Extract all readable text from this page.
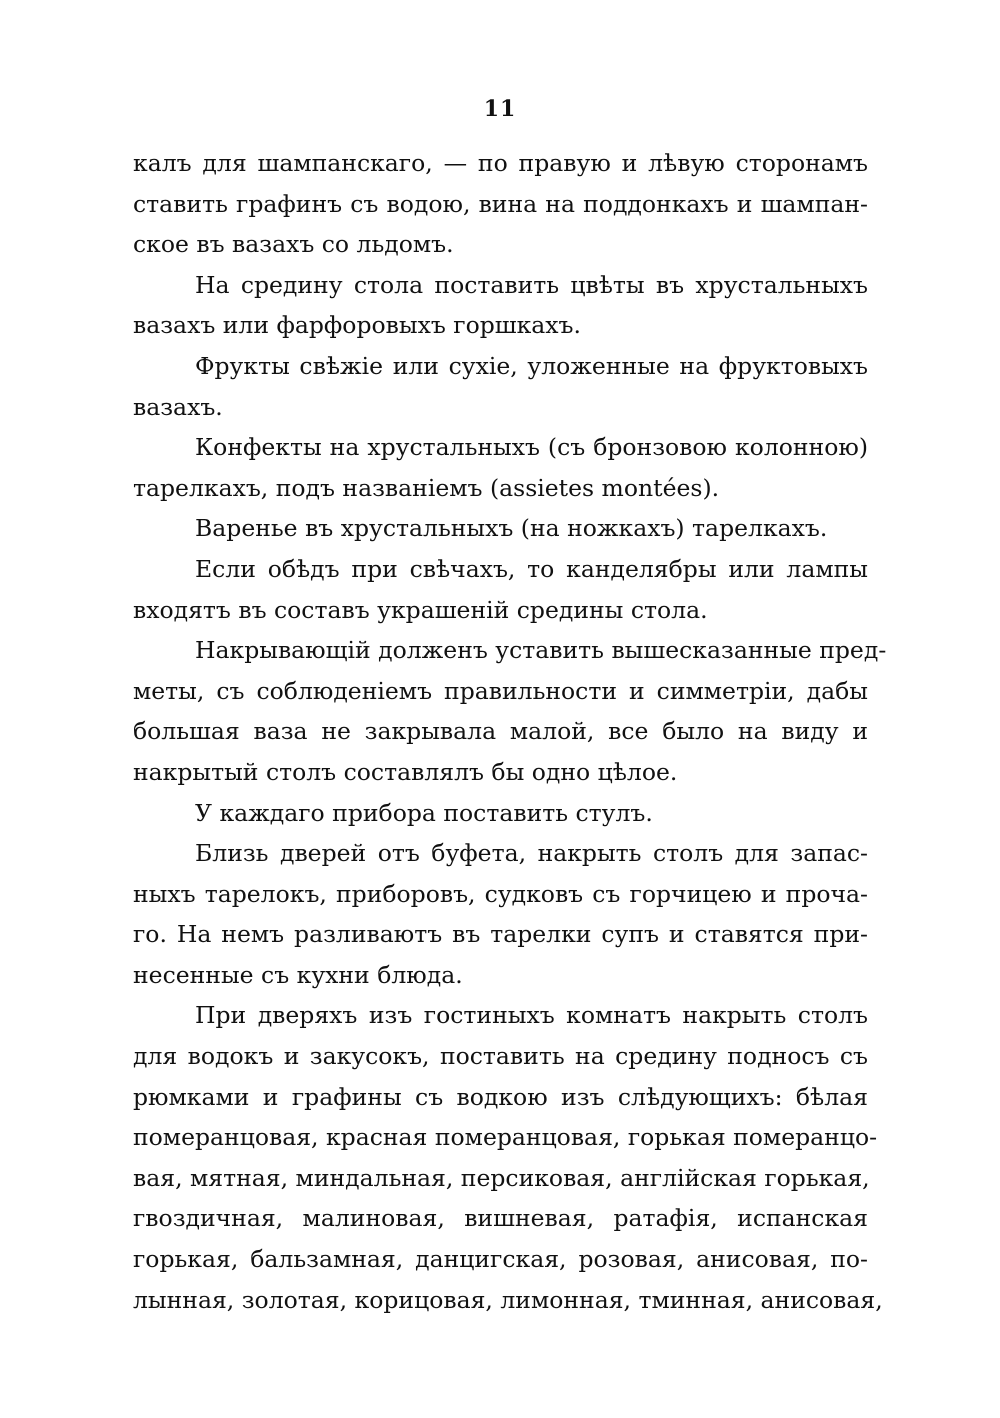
11
калъ для шампанскаго, — по правую и лѣвую сторонамъ
ставить графинъ съ водою, вина на поддонкахъ и шампан-
ское въ вазахъ со льдомъ.
На средину стола поставить цвѣты въ хрустальныхъ
вазахъ или фарфоровыхъ горшкахъ.
Фрукты свѣжіе или сухіе, уложенные на фруктовыхъ
вазахъ.
Конфекты на хрустальныхъ (съ бронзовою колонною)
тарелкахъ, подъ названіемъ (assietes montées).
Варенье въ хрустальныхъ (на ножкахъ) тарелкахъ.
Если обѣдъ при свѣчахъ, то канделябры или лампы
входятъ въ составъ украшеній средины стола.
Накрывающій долженъ уставить вышесказанные пред-
меты, съ соблюденіемъ правильности и симметріи, дабы
большая ваза не закрывала малой, все было на виду и
накрытый столъ составлялъ бы одно цѣлое.
У каждаго прибора поставить стулъ.
Близь дверей отъ буфета, накрыть столъ для запас-
ныхъ тарелокъ, приборовъ, судковъ съ горчицею и проча-
го. На немъ разливаютъ въ тарелки супъ и ставятся при-
несенные съ кухни блюда.
При дверяхъ изъ гостиныхъ комнатъ накрыть столъ
для водокъ и закусокъ, поставить на средину подносъ съ
рюмками и графины съ водкою изъ слѣдующихъ: бѣлая
померанцовая, красная померанцовая, горькая померанцо-
вая, мятная, миндальная, персиковая, англійская горькая,
гвоздичная, малиновая, вишневая, ратафія, испанская
горькая, бальзамная, данцигская, розовая, анисовая, по-
лынная, золотая, корицовая, лимонная, тминная, анисовая,
